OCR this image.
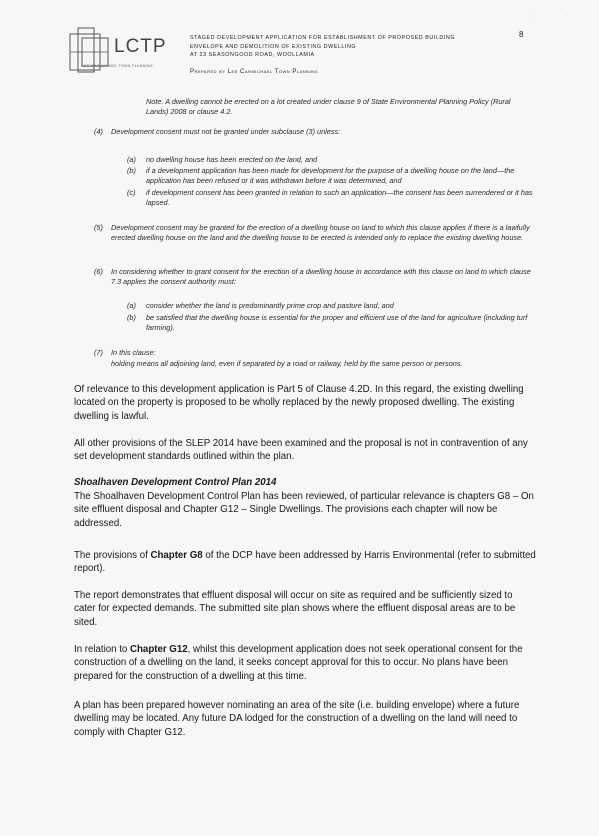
LCTP
LEE CARMICHAEL TOWN PLANNING
STAGED DEVELOPMENT APPLICATION FOR ESTABLISHMENT OF PROPOSED BUILDING
ENVELOPE AND DEMOLITION OF EXISTING DWELLING
AT 23 SEASONGOOD ROAD, WOOLLAMIA
Prepared by Lee Carmichael Town Planning
8
· · ·
Note. A dwelling cannot be erected on a lot created under clause 9 of State Environmental Planning Policy (Rural Lands) 2008 or clause 4.2.
(4) Development consent must not be granted under subclause (3) unless:
(a) no dwelling house has been erected on the land, and
(b) if a development application has been made for development for the purpose of a dwelling house on the land—the application has been refused or it was withdrawn before it was determined, and
(c) if development consent has been granted in relation to such an application—the consent has been surrendered or it has lapsed.
(5) Development consent may be granted for the erection of a dwelling house on land to which this clause applies if there is a lawfully erected dwelling house on the land and the dwelling house to be erected is intended only to replace the existing dwelling house.
(6) In considering whether to grant consent for the erection of a dwelling house in accordance with this clause on land to which clause 7.3 applies the consent authority must:
(a) consider whether the land is predominantly prime crop and pasture land, and
(b) be satisfied that the dwelling house is essential for the proper and efficient use of the land for agriculture (including turf farming).
(7) In this clause:
holding means all adjoining land, even if separated by a road or railway, held by the same person or persons.
Of relevance to this development application is Part 5 of Clause 4.2D. In this regard, the existing dwelling located on the property is proposed to be wholly replaced by the newly proposed dwelling. The existing dwelling is lawful.
All other provisions of the SLEP 2014 have been examined and the proposal is not in contravention of any set development standards outlined within the plan.
Shoalhaven Development Control Plan 2014
The Shoalhaven Development Control Plan has been reviewed, of particular relevance is chapters G8 – On site effluent disposal and Chapter G12 – Single Dwellings. The provisions each chapter will now be addressed.
The provisions of Chapter G8 of the DCP have been addressed by Harris Environmental (refer to submitted report).
The report demonstrates that effluent disposal will occur on site as required and be sufficiently sized to cater for expected demands. The submitted site plan shows where the effluent disposal areas are to be sited.
In relation to Chapter G12, whilst this development application does not seek operational consent for the construction of a dwelling on the land, it seeks concept approval for this to occur. No plans have been prepared for the construction of a dwelling at this time.
A plan has been prepared however nominating an area of the site (i.e. building envelope) where a future dwelling may be located. Any future DA lodged for the construction of a dwelling on the land will need to comply with Chapter G12.
